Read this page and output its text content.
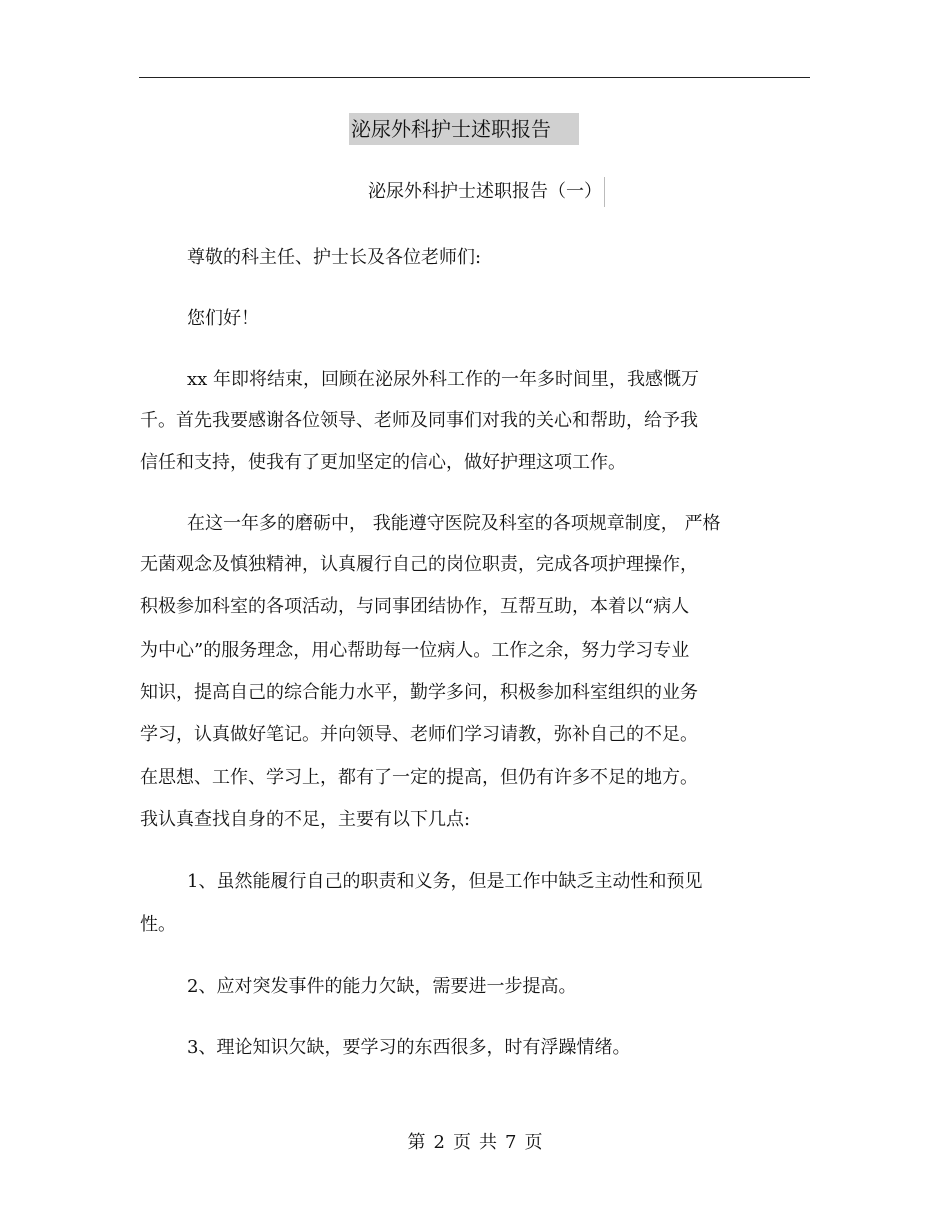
泌尿外科护士述职报告
泌尿外科护士述职报告（一）
尊敬的科主任、护士长及各位老师们:
您们好！
xx 年即将结束，回顾在泌尿外科工作的一年多时间里，我感慨万
千。首先我要感谢各位领导、老师及同事们对我的关心和帮助，给予我
信任和支持，使我有了更加坚定的信心，做好护理这项工作。
在这一年多的磨砺中， 我能遵守医院及科室的各项规章制度， 严格
无菌观念及慎独精神，认真履行自己的岗位职责，完成各项护理操作，
积极参加科室的各项活动，与同事团结协作，互帮互助，本着以“病人
为中心”的服务理念，用心帮助每一位病人。工作之余，努力学习专业
知识，提高自己的综合能力水平，勤学多问，积极参加科室组织的业务
学习，认真做好笔记。并向领导、老师们学习请教，弥补自己的不足。
在思想、工作、学习上，都有了一定的提高，但仍有许多不足的地方。
我认真查找自身的不足，主要有以下几点:
1、虽然能履行自己的职责和义务，但是工作中缺乏主动性和预见
性。
2、应对突发事件的能力欠缺，需要进一步提高。
3、理论知识欠缺，要学习的东西很多，时有浮躁情绪。
第 2 页 共 7 页
